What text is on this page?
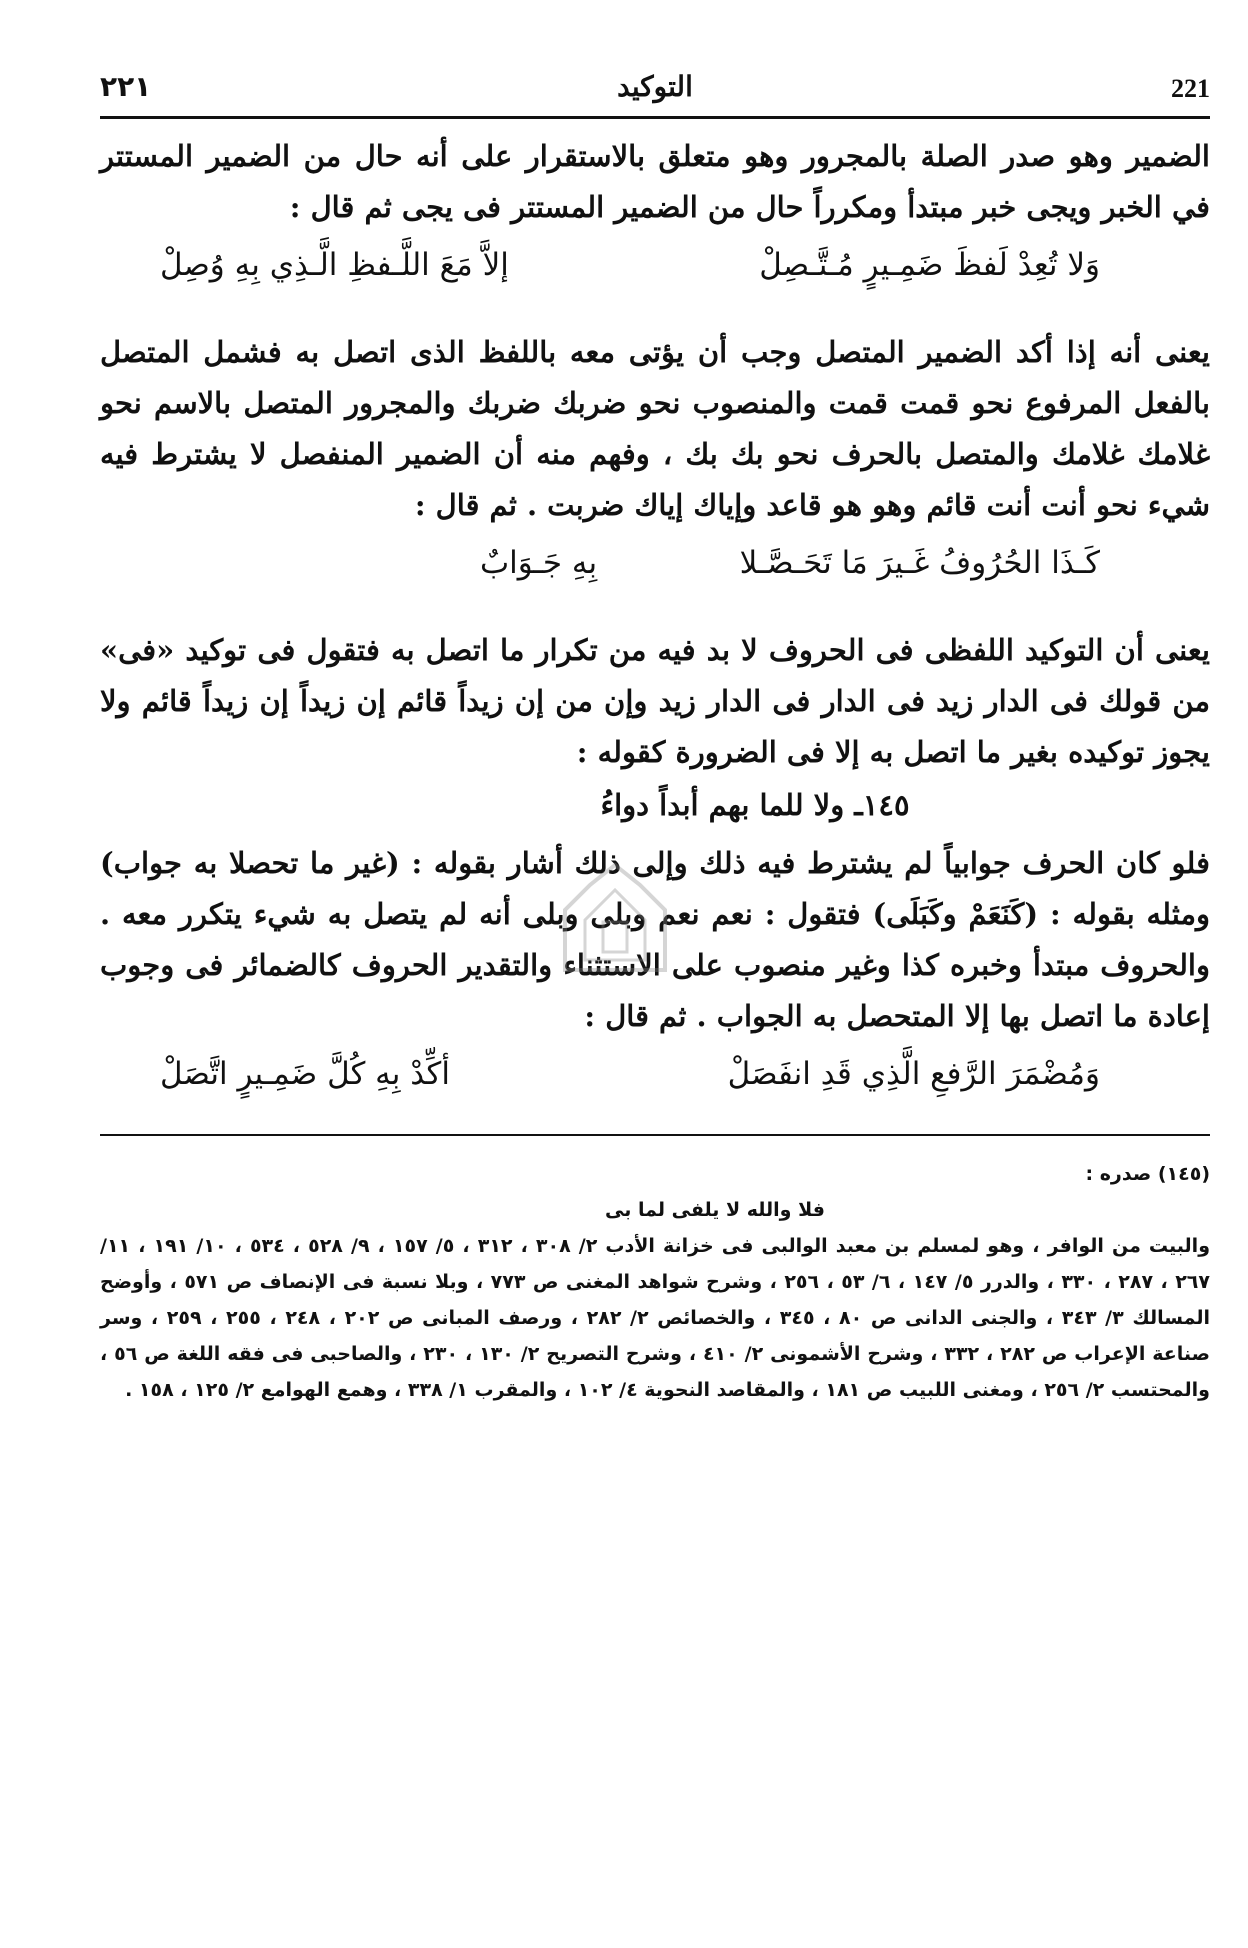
٢٢١	التوكيد	221

الضمير وهو صدر الصلة بالمجرور وهو متعلق بالاستقرار على أنه حال من الضمير المستتر في الخبر ويجى خبر مبتدأ ومكرراً حال من الضمير المستتر فى يجى ثم قال :

وَلا تُعِدْ لَفظَ ضَمِـيرٍ مُـتَّـصِلْ
إلاَّ مَعَ اللَّـفظِ الَّـذِي بِهِ وُصِلْ

يعنى أنه إذا أكد الضمير المتصل وجب أن يؤتى معه باللفظ الذى اتصل به فشمل المتصل بالفعل المرفوع نحو قمت قمت والمنصوب نحو ضربك ضربك والمجرور المتصل بالاسم نحو غلامك غلامك والمتصل بالحرف نحو بك بك ، وفهم منه أن الضمير المنفصل لا يشترط فيه شيء نحو أنت أنت قائم وهو هو قاعد وإياك إياك ضربت . ثم قال :

كَـذَا الحُرُوفُ غَـيرَ مَا تَحَـصَّـلا
بِهِ جَـوَابٌ

يعنى أن التوكيد اللفظى فى الحروف لا بد فيه من تكرار ما اتصل به فتقول فى توكيد «فى» من قولك فى الدار زيد فى الدار فى الدار زيد وإن من إن زيداً قائم إن زيداً إن زيداً قائم ولا يجوز توكيده بغير ما اتصل به إلا فى الضرورة كقوله :

١٤٥ـ ولا للما بهم أبداً دواءُ

فلو كان الحرف جوابياً لم يشترط فيه ذلك وإلى ذلك أشار بقوله : (غير ما تحصلا به جواب) ومثله بقوله : (كَنَعَمْ وكَبَلَى) فتقول : نعم نعم وبلى وبلى أنه لم يتصل به شيء يتكرر معه . والحروف مبتدأ وخبره كذا وغير منصوب على الاستثناء والتقدير الحروف كالضمائر فى وجوب إعادة ما اتصل بها إلا المتحصل به الجواب . ثم قال :

وَمُضْمَرَ الرَّفعِ الَّذِي قَدِ انفَصَلْ
أكِّدْ بِهِ كُلَّ ضَمِـيرٍ اتَّصَلْ

(١٤٥) صدره :

فلا والله لا يلفى لما بى

والبيت من الوافر ، وهو لمسلم بن معبد الوالبى فى خزانة الأدب ٢/ ٣٠٨ ، ٣١٢ ، ٥/ ١٥٧ ، ٩/ ٥٢٨ ، ٥٣٤ ، ١٠/ ١٩١ ، ١١/ ٢٦٧ ، ٢٨٧ ، ٣٣٠ ، والدرر ٥/ ١٤٧ ، ٦/ ٥٣ ، ٢٥٦ ، وشرح شواهد المغنى ص ٧٧٣ ، وبلا نسبة فى الإنصاف ص ٥٧١ ، وأوضح المسالك ٣/ ٣٤٣ ، والجنى الدانى ص ٨٠ ، ٣٤٥ ، والخصائص ٢/ ٢٨٢ ، ورصف المبانى ص ٢٠٢ ، ٢٤٨ ، ٢٥٥ ، ٢٥٩ ، وسر صناعة الإعراب ص ٢٨٢ ، ٣٣٢ ، وشرح الأشمونى ٢/ ٤١٠ ، وشرح التصريح ٢/ ١٣٠ ، ٢٣٠ ، والصاحبى فى فقه اللغة ص ٥٦ ، والمحتسب ٢/ ٢٥٦ ، ومغنى اللبيب ص ١٨١ ، والمقاصد النحوية ٤/ ١٠٢ ، والمقرب ١/ ٣٣٨ ، وهمع الهوامع ٢/ ١٢٥ ، ١٥٨ .
